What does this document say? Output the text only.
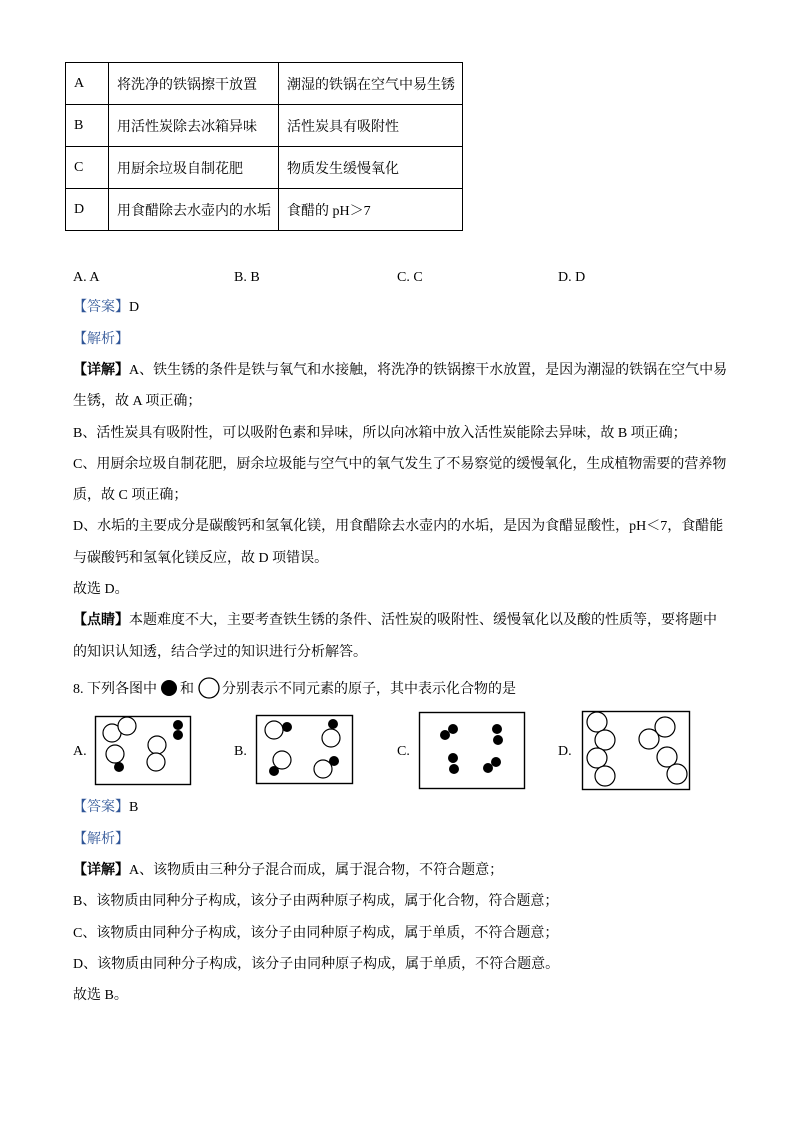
A	将洗净的铁锅擦干放置	潮湿的铁锅在空气中易生锈
B	用活性炭除去冰箱异味	活性炭具有吸附性
C	用厨余垃圾自制花肥	物质发生缓慢氧化
D	用食醋除去水壶内的水垢	食醋的 pH＞7
A. A	B. B	C. C	D. D
【答案】D
【解析】
【详解】A、铁生锈的条件是铁与氧气和水接触，将洗净的铁锅擦干水放置，是因为潮湿的铁锅在空气中易
生锈，故 A 项正确；
B、活性炭具有吸附性，可以吸附色素和异味，所以向冰箱中放入活性炭能除去异味，故 B 项正确；
C、用厨余垃圾自制花肥，厨余垃圾能与空气中的氧气发生了不易察觉的缓慢氧化，生成植物需要的营养物
质，故 C 项正确；
D、水垢的主要成分是碳酸钙和氢氧化镁，用食醋除去水壶内的水垢，是因为食醋显酸性，pH＜7，食醋能
与碳酸钙和氢氧化镁反应，故 D 项错误。
故选 D。
【点睛】本题难度不大，主要考查铁生锈的条件、活性炭的吸附性、缓慢氧化以及酸的性质等，要将题中
的知识认知透，结合学过的知识进行分析解答。
8. 下列各图中 和 分别表示不同元素的原子，其中表示化合物的是
A.	B.	C.	D.
【答案】B
【解析】
【详解】A、该物质由三种分子混合而成，属于混合物，不符合题意；
B、该物质由同种分子构成，该分子由两种原子构成，属于化合物，符合题意；
C、该物质由同种分子构成，该分子由同种原子构成，属于单质，不符合题意；
D、该物质由同种分子构成，该分子由同种原子构成，属于单质，不符合题意。
故选 B。
